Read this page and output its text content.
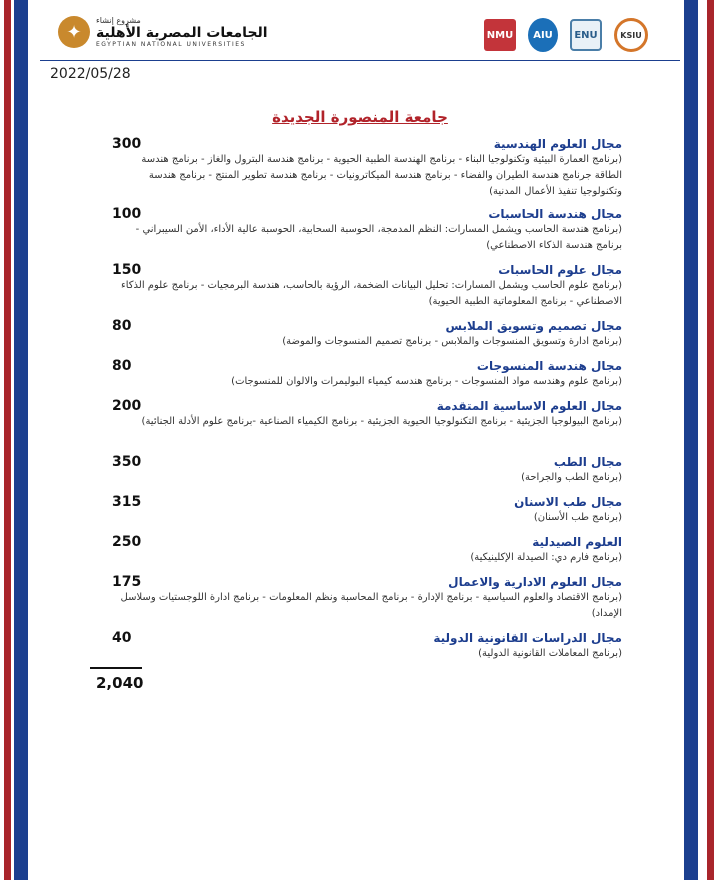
✦
مشروع إنشاء
الجامعات المصرية الأهلية
EGYPTIAN NATIONAL UNIVERSITIES
NMU	AIU	ENU	KSIU
2022/05/28
جامعة المنصورة الجديدة
300	مجال العلوم الهندسية
(برنامج العمارة البيئية وتكنولوجيا البناء - برنامج الهندسة الطبية الحيوية - برنامج هندسة البترول والغاز - برنامج هندسة الطاقة جرنامج هندسة الطيران والفضاء - برنامج هندسة الميكاترونيات - برنامج هندسة تطوير المنتج - برنامج هندسة وتكنولوجيا تنفيذ الأعمال المدنية)
100	مجال هندسة الحاسبات
(برنامج هندسة الحاسب ويشمل المسارات: النظم المدمجة، الحوسبة السحابية، الحوسبة عالية الأداء، الأمن السيبراني - برنامج هندسة الذكاء الاصطناعي)
150	مجال علوم الحاسبات
(برنامج علوم الحاسب ويشمل المسارات: تحليل البيانات الضخمة، الرؤية بالحاسب، هندسة البرمجيات - برنامج علوم الذكاء الاصطناعي - برنامج المعلوماتية الطبية الحيوية)
80	مجال تصميم وتسويق الملابس
(برنامج ادارة وتسويق المنسوجات والملابس - برنامج تصميم المنسوجات والموضة)
80	مجال هندسة المنسوجات
(برنامج علوم وهندسه مواد المنسوجات - برنامج هندسه كيمياء البوليمرات والالوان للمنسوجات)
200	مجال العلوم الاساسية المتقدمة
(برنامج البيولوجيا الجزيئية - برنامج التكنولوجيا الحيوية الجزيئية - برنامج الكيمياء الصناعية -برنامج علوم الأدلة الجنائية)
350	مجال الطب
(برنامج الطب والجراحة)
315	مجال طب الاسنان
(برنامج طب الأسنان)
250	العلوم الصيدلية
(برنامج فارم دي: الصيدلة الإكلينيكية)
175	مجال العلوم الادارية والاعمال
(برنامج الاقتصاد والعلوم السياسية - برنامج الإدارة - برنامج المحاسبة ونظم المعلومات - برنامج ادارة اللوجستيات وسلاسل الإمداد)
40	مجال الدراسات القانونية الدولية
(برنامج المعاملات القانونية الدولية)
2,040
